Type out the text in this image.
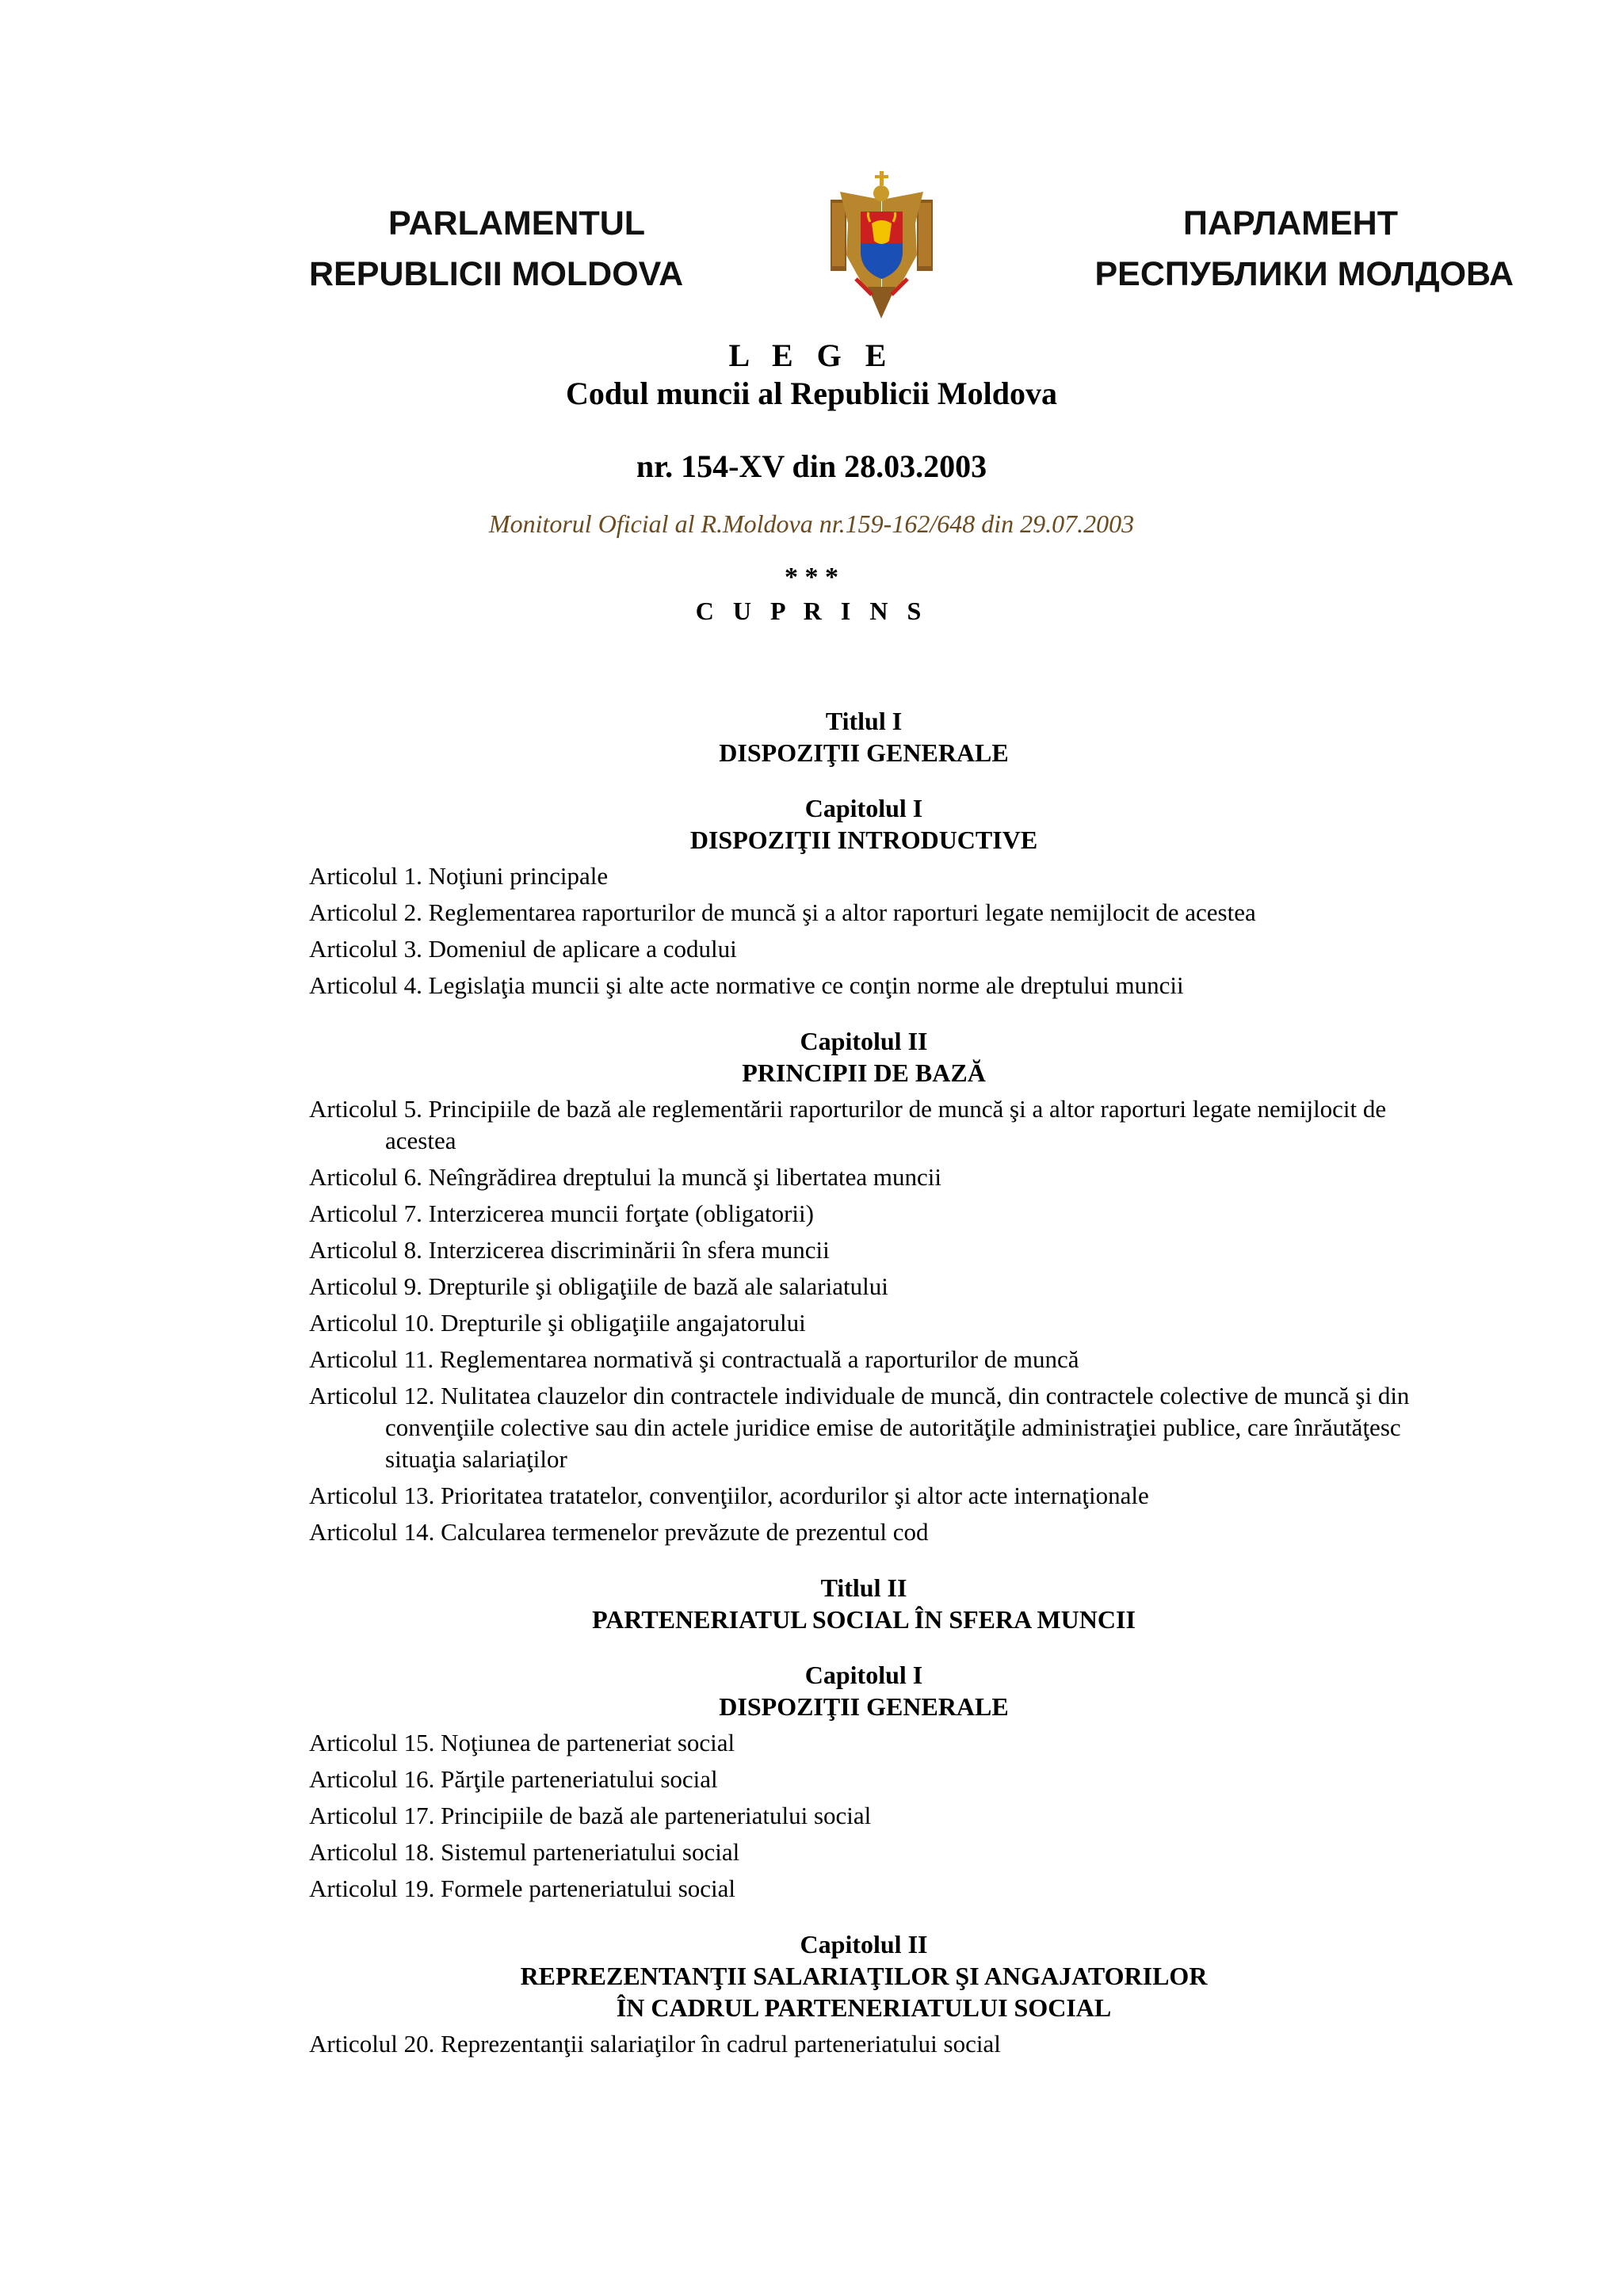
PARLAMENTUL
REPUBLICII MOLDOVA
ПАРЛАМЕНТ
РЕСПУБЛИКИ МОЛДОВА
L E G E
Codul muncii al Republicii Moldova
nr. 154-XV din 28.03.2003
Monitorul Oficial al R.Moldova nr.159-162/648 din 29.07.2003
* * *
C U P R I N S
Titlul I
DISPOZIŢII GENERALE
Capitolul I
DISPOZIŢII INTRODUCTIVE
Articolul 1. Noţiuni principale
Articolul 2. Reglementarea raporturilor de muncă şi a altor raporturi legate nemijlocit de acestea
Articolul 3. Domeniul de aplicare a codului
Articolul 4. Legislaţia muncii şi alte acte normative ce conţin norme ale dreptului muncii
Capitolul II
PRINCIPII DE BAZĂ
Articolul 5. Principiile de bază ale reglementării raporturilor de muncă şi a altor raporturi legate nemijlocit de acestea
Articolul 6. Neîngrădirea dreptului la muncă şi libertatea muncii
Articolul 7. Interzicerea muncii forţate (obligatorii)
Articolul 8. Interzicerea discriminării în sfera muncii
Articolul 9. Drepturile şi obligaţiile de bază ale salariatului
Articolul 10. Drepturile şi obligaţiile angajatorului
Articolul 11. Reglementarea normativă şi contractuală a raporturilor de muncă
Articolul 12. Nulitatea clauzelor din contractele individuale de muncă, din contractele colective de muncă şi din convenţiile colective sau din actele juridice emise de autorităţile administraţiei publice, care înrăutăţesc situaţia salariaţilor
Articolul 13. Prioritatea tratatelor, convenţiilor, acordurilor şi altor acte internaţionale
Articolul 14. Calcularea termenelor prevăzute de prezentul cod
Titlul II
PARTENERIATUL SOCIAL ÎN SFERA MUNCII
Capitolul I
DISPOZIŢII GENERALE
Articolul 15. Noţiunea de parteneriat social
Articolul 16. Părţile parteneriatului social
Articolul 17. Principiile de bază ale parteneriatului social
Articolul 18. Sistemul parteneriatului social
Articolul 19. Formele parteneriatului social
Capitolul II
REPREZENTANŢII SALARIAŢILOR ŞI ANGAJATORILOR
ÎN CADRUL PARTENERIATULUI SOCIAL
Articolul 20. Reprezentanţii salariaţilor în cadrul parteneriatului social
